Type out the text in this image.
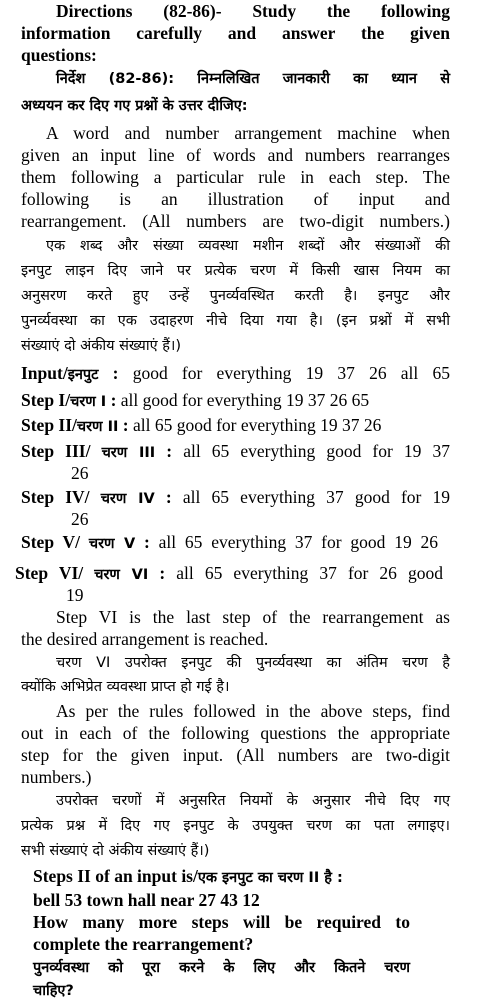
Directions (82-86)- Study the following
information carefully and answer the given
questions:
निर्देश (82-86): निम्नलिखित जानकारी का ध्यान से
अध्ययन कर दिए गए प्रश्नों के उत्तर दीजिए:
A word and number arrangement machine when
given an input line of words and numbers rearranges
them following a particular rule in each step. The
following is an illustration of input and
rearrangement. (All numbers are two-digit numbers.)
एक शब्द और संख्या व्यवस्था मशीन शब्दों और संख्याओं की
इनपुट लाइन दिए जाने पर प्रत्येक चरण में किसी खास नियम का
अनुसरण करते हुए उन्हें पुनर्व्यवस्थित करती है। इनपुट और
पुनर्व्यवस्था का एक उदाहरण नीचे दिया गया है। (इन प्रश्नों में सभी
संख्याएं दो अंकीय संख्याएं हैं।)
Input/इनपुट : good for everything 19 37 26 all 65
Step I/चरण I : all good for everything 19 37 26 65
Step II/चरण II : all 65 good for everything 19 37 26
Step III/ चरण III : all 65 everything good for 19 37
26
Step IV/ चरण IV : all 65 everything 37 good for 19
26
Step V/ चरण V : all 65 everything 37 for good 19 26
Step VI/ चरण VI : all 65 everything 37 for 26 good
19
Step VI is the last step of the rearrangement as
the desired arrangement is reached.
चरण VI उपरोक्त इनपुट की पुनर्व्यवस्था का अंतिम चरण है
क्योंकि अभिप्रेत व्यवस्था प्राप्त हो गई है।
As per the rules followed in the above steps, find
out in each of the following questions the appropriate
step for the given input. (All numbers are two-digit
numbers.)
उपरोक्त चरणों में अनुसरित नियमों के अनुसार नीचे दिए गए
प्रत्येक प्रश्न में दिए गए इनपुट के उपयुक्त चरण का पता लगाइए।
सभी संख्याएं दो अंकीय संख्याएं हैं।)
Steps II of an input is/एक इनपुट का चरण II है :
bell 53 town hall near 27 43 12
How many more steps will be required to
complete the rearrangement?
पुनर्व्यवस्था को पूरा करने के लिए और कितने चरण
चाहिए?
